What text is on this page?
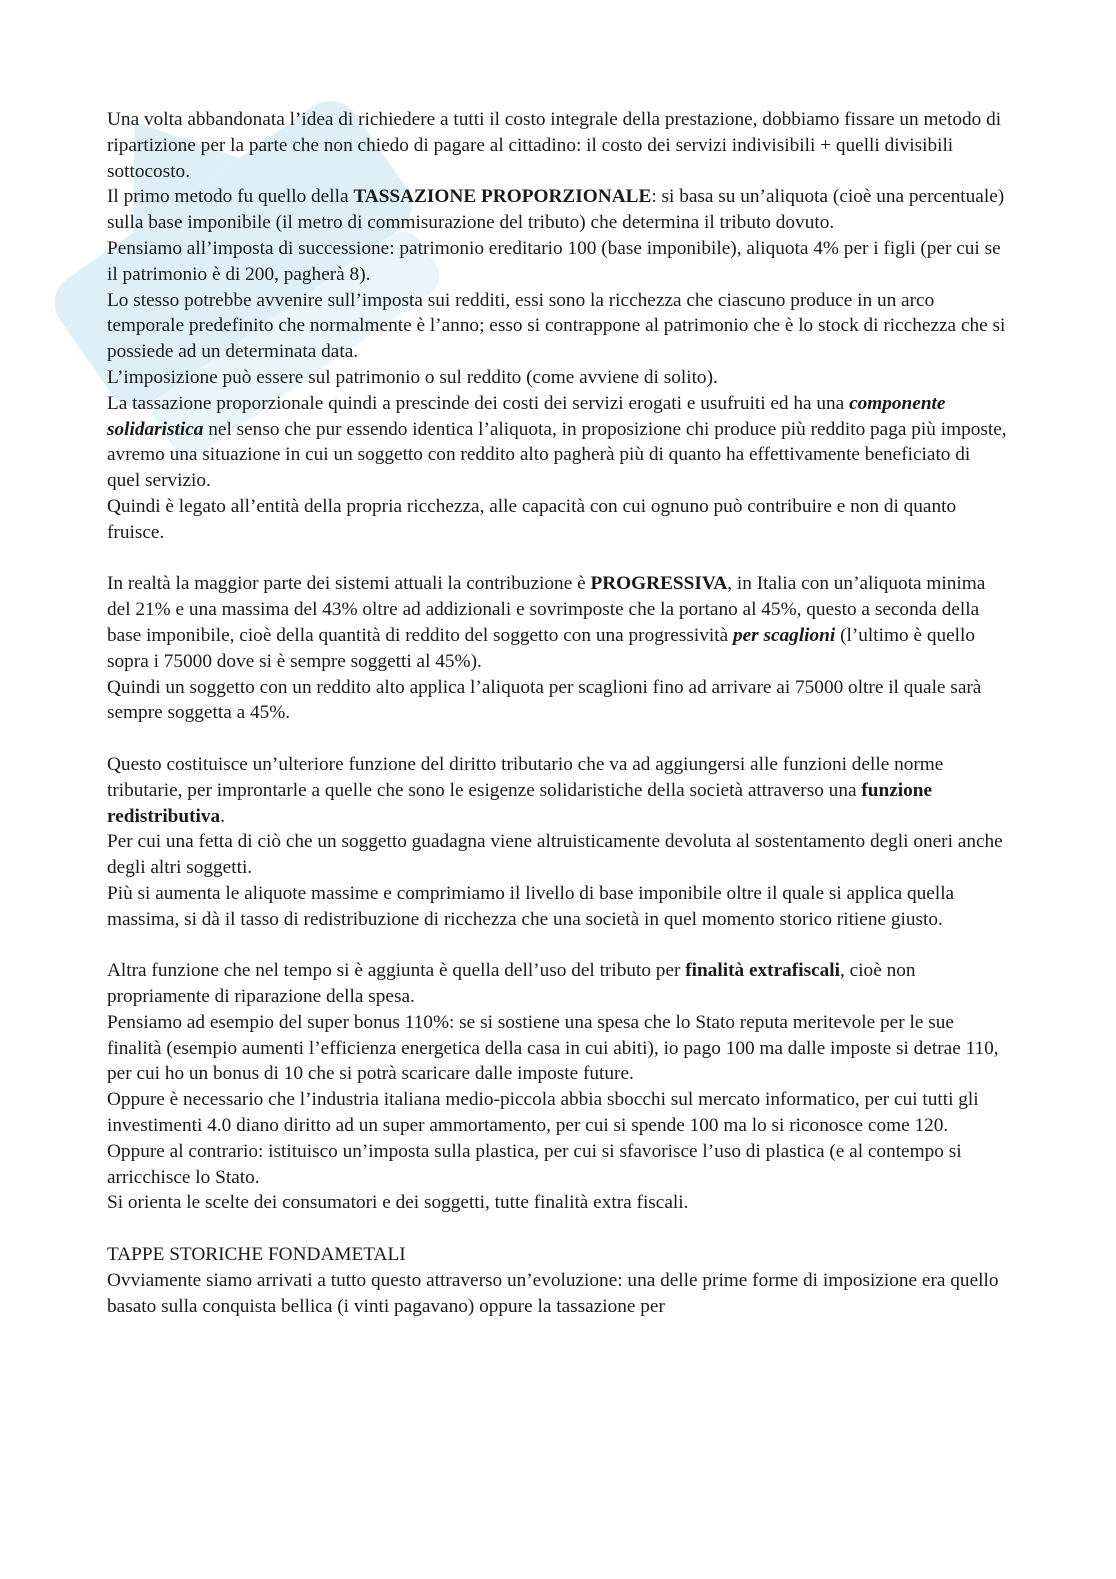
Una volta abbandonata l’idea di richiedere a tutti il costo integrale della prestazione, dobbiamo fissare un metodo di ripartizione per la parte che non chiedo di pagare al cittadino: il costo dei servizi indivisibili + quelli divisibili sottocosto.

Il primo metodo fu quello della TASSAZIONE PROPORZIONALE: si basa su un’aliquota (cioè una percentuale) sulla base imponibile (il metro di commisurazione del tributo) che determina il tributo dovuto.

Pensiamo all’imposta di successione: patrimonio ereditario 100 (base imponibile), aliquota 4% per i figli (per cui se il patrimonio è di 200, pagherà 8).

Lo stesso potrebbe avvenire sull’imposta sui redditi, essi sono la ricchezza che ciascuno produce in un arco temporale predefinito che normalmente è l’anno; esso si contrappone al patrimonio che è lo stock di ricchezza che si possiede ad un determinata data.

L’imposizione può essere sul patrimonio o sul reddito (come avviene di solito).

La tassazione proporzionale quindi a prescinde dei costi dei servizi erogati e usufruiti ed ha una componente solidaristica nel senso che pur essendo identica l’aliquota, in proposizione chi produce più reddito paga più imposte, avremo una situazione in cui un soggetto con reddito alto pagherà più di quanto ha effettivamente beneficiato di quel servizio.

Quindi è legato all’entità della propria ricchezza, alle capacità con cui ognuno può contribuire e non di quanto fruisce.

In realtà la maggior parte dei sistemi attuali la contribuzione è PROGRESSIVA, in Italia con un’aliquota minima del 21% e una massima del 43% oltre ad addizionali e sovrimposte che la portano al 45%, questo a seconda della base imponibile, cioè della quantità di reddito del soggetto con una progressività per scaglioni (l’ultimo è quello sopra i 75000 dove si è sempre soggetti al 45%).

Quindi un soggetto con un reddito alto applica l’aliquota per scaglioni fino ad arrivare ai 75000 oltre il quale sarà sempre soggetta a 45%.

Questo costituisce un’ulteriore funzione del diritto tributario che va ad aggiungersi alle funzioni delle norme tributarie, per improntarle a quelle che sono le esigenze solidaristiche della società attraverso una funzione redistributiva.

Per cui una fetta di ciò che un soggetto guadagna viene altruisticamente devoluta al sostentamento degli oneri anche degli altri soggetti.

Più si aumenta le aliquote massime e comprimiamo il livello di base imponibile oltre il quale si applica quella massima, si dà il tasso di redistribuzione di ricchezza che una società in quel momento storico ritiene giusto.

Altra funzione che nel tempo si è aggiunta è quella dell’uso del tributo per finalità extrafiscali, cioè non propriamente di riparazione della spesa.

Pensiamo ad esempio del super bonus 110%: se si sostiene una spesa che lo Stato reputa meritevole per le sue finalità (esempio aumenti l’efficienza energetica della casa in cui abiti), io pago 100 ma dalle imposte si detrae 110, per cui ho un bonus di 10 che si potrà scaricare dalle imposte future.

Oppure è necessario che l’industria italiana medio-piccola abbia sbocchi sul mercato informatico, per cui tutti gli investimenti 4.0 diano diritto ad un super ammortamento, per cui si spende 100 ma lo si riconosce come 120.

Oppure al contrario: istituisco un’imposta sulla plastica, per cui si sfavorisce l’uso di plastica (e al contempo si arricchisce lo Stato.

Si orienta le scelte dei consumatori e dei soggetti, tutte finalità extra fiscali.

TAPPE STORICHE FONDAMETALI

Ovviamente siamo arrivati a tutto questo attraverso un’evoluzione: una delle prime forme di imposizione era quello basato sulla conquista bellica (i vinti pagavano) oppure la tassazione per
